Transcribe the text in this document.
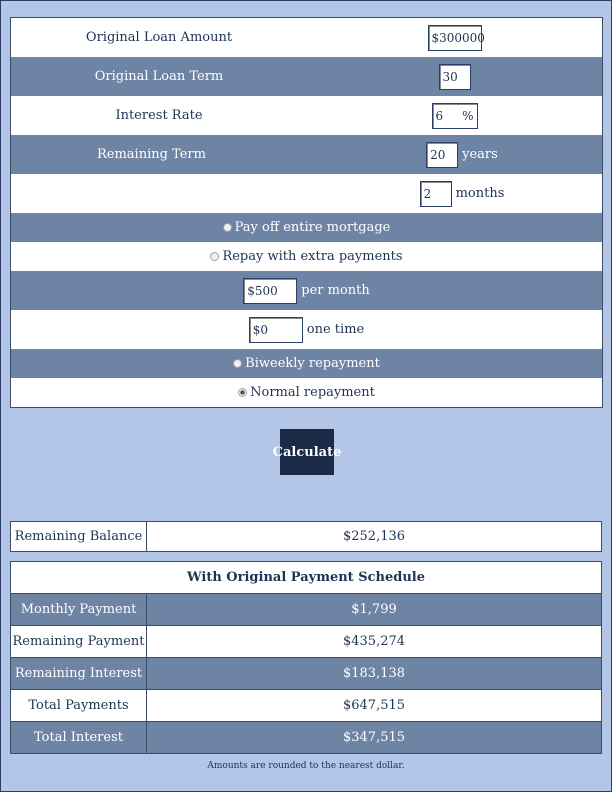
Original Loan Amount	$300000
Original Loan Term	30
Interest Rate	6 %
Remaining Term	20	years
2	months
Pay off entire mortgage
Repay with extra payments
$500	per month
$0	one time
Biweekly repayment
Normal repayment
Calculate
Remaining Balance	$252,136
With Original Payment Schedule
Monthly Payment	$1,799
Remaining Payment	$435,274
Remaining Interest	$183,138
Total Payments	$647,515
Total Interest	$347,515
Amounts are rounded to the nearest dollar.
